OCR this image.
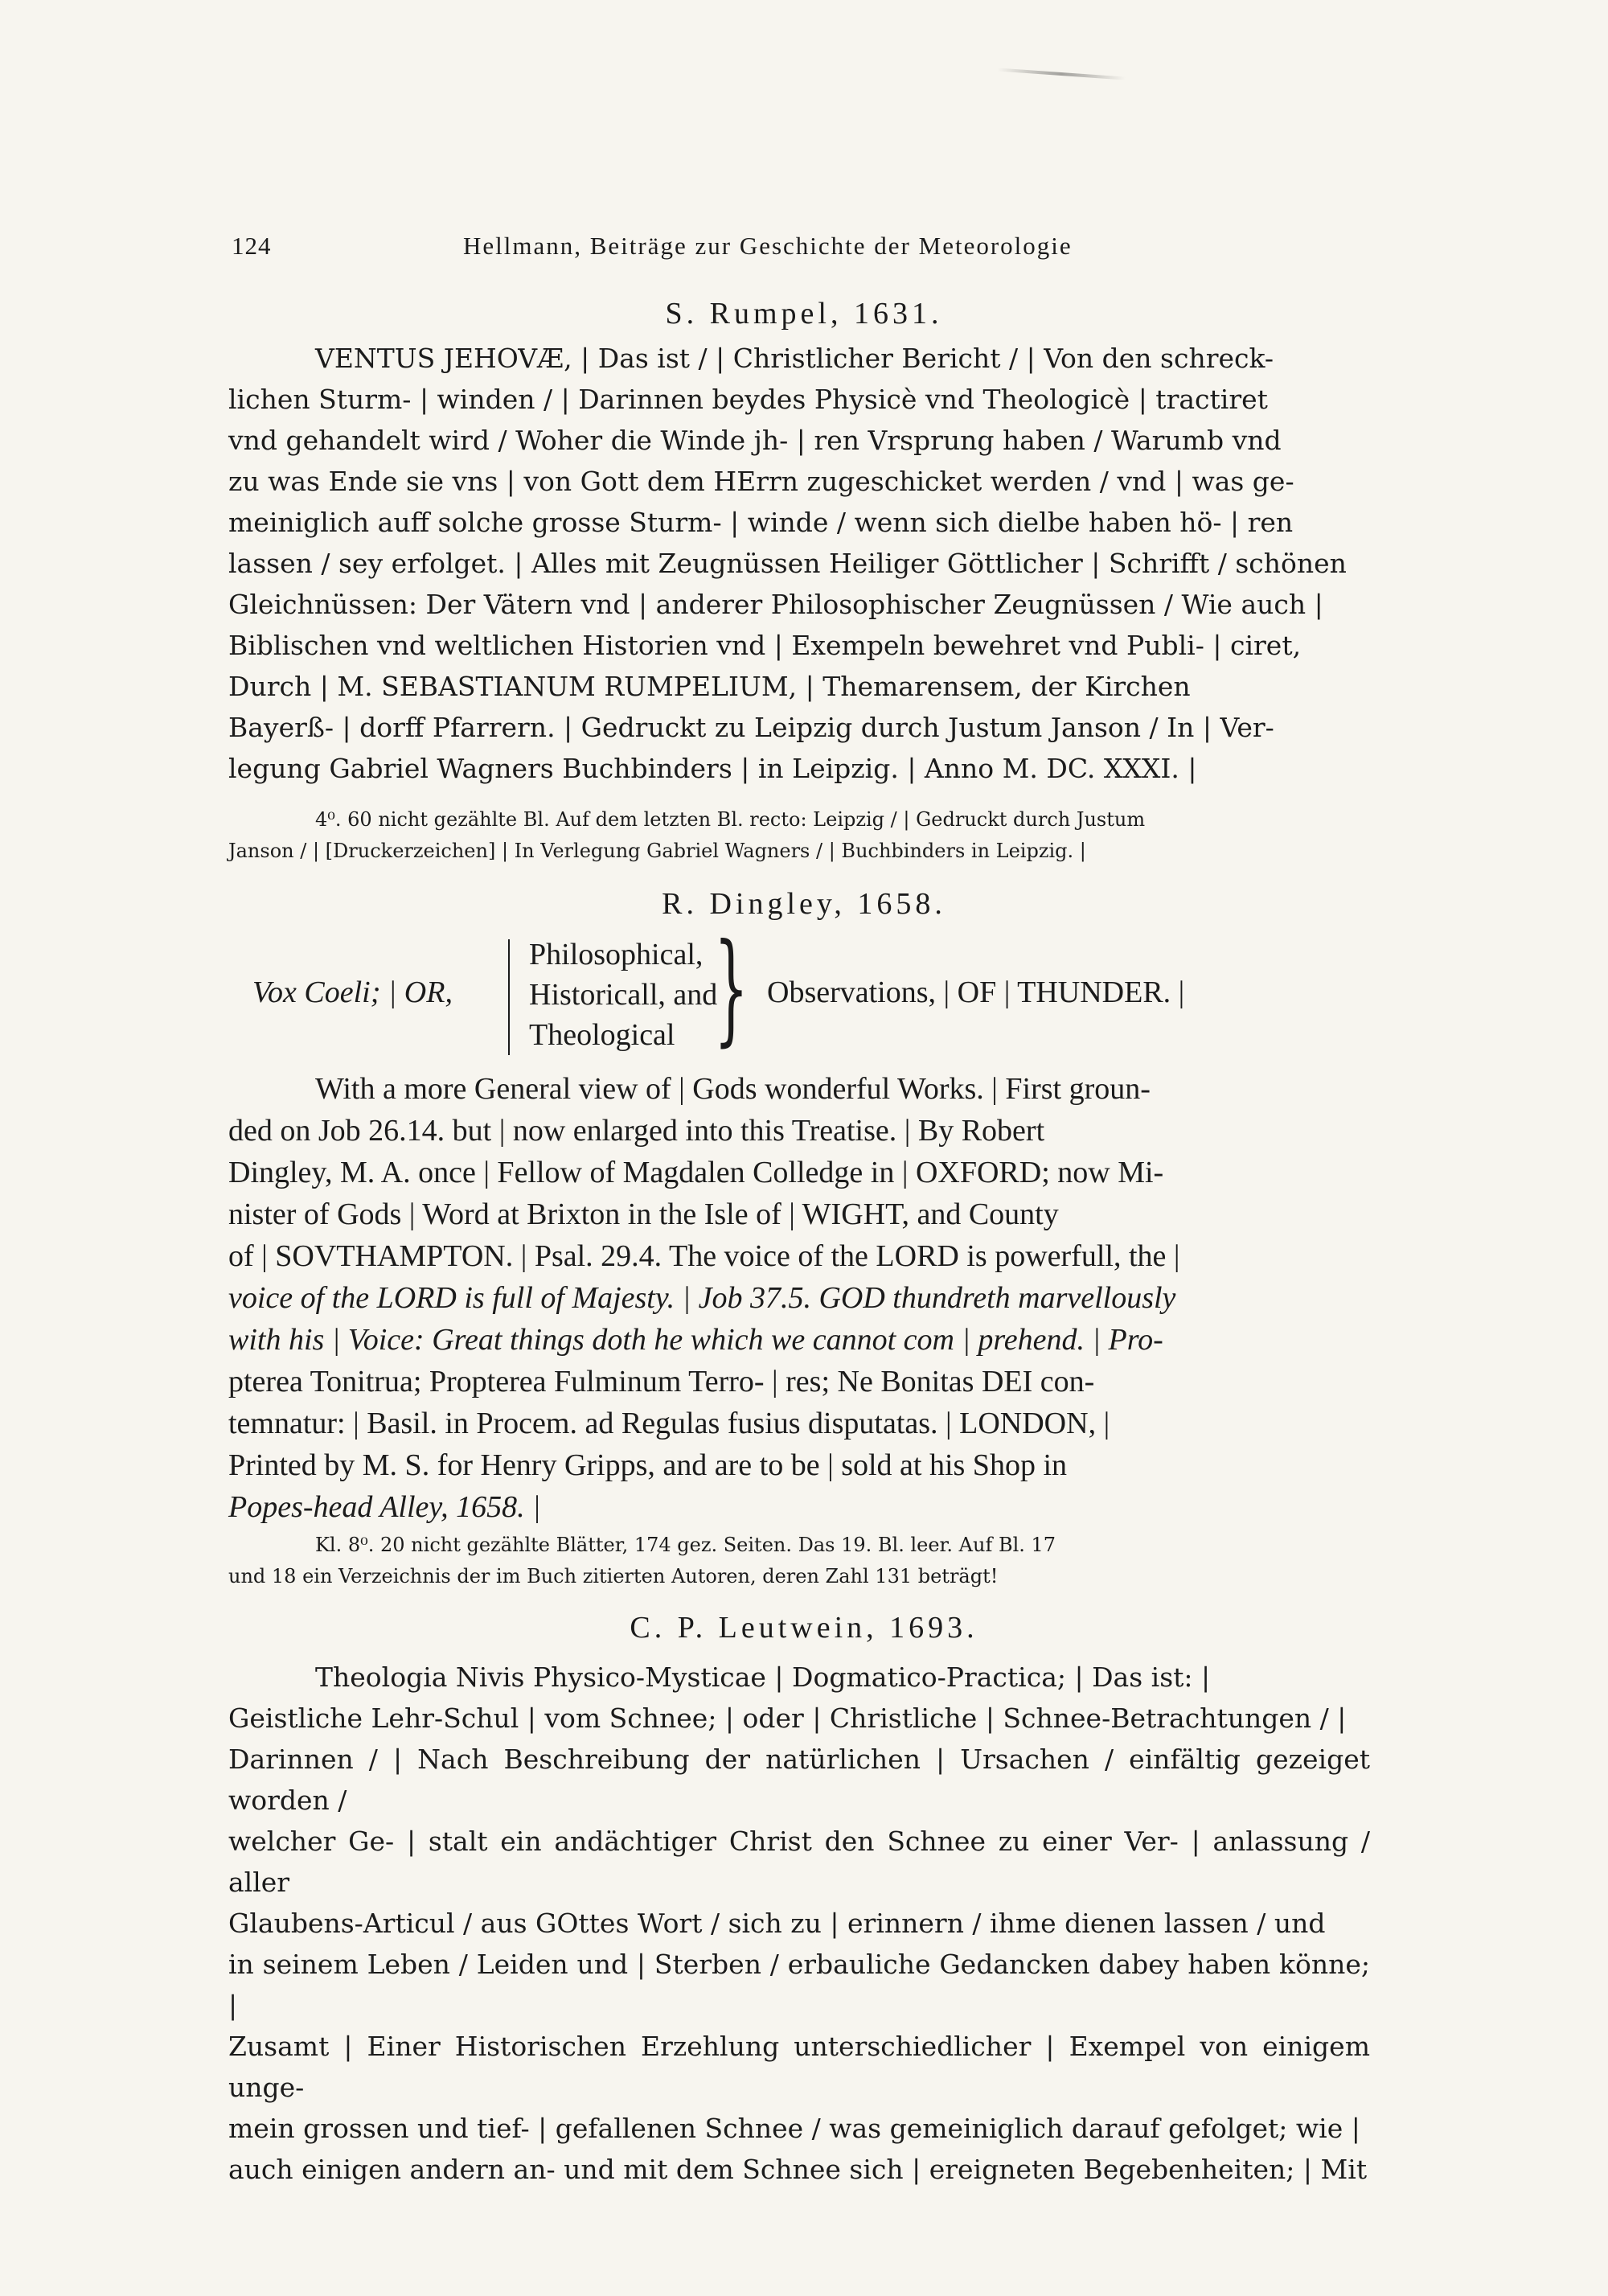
124	Hellmann, Beiträge zur Geschichte der Meteorologie
S. Rumpel, 1631.
VENTUS JEHOVÆ, | Das ist / | Christlicher Bericht / | Von den schreck-
lichen Sturm- | winden / | Darinnen beydes Physicè vnd Theologicè | tractiret
vnd gehandelt wird / Woher die Winde jh- | ren Vrsprung haben / Warumb vnd
zu was Ende sie vns | von Gott dem HErrn zugeschicket werden / vnd | was ge-
meiniglich auff solche grosse Sturm- | winde / wenn sich dielbe haben hö- | ren
lassen / sey erfolget. | Alles mit Zeugnüssen Heiliger Göttlicher | Schrifft / schönen
Gleichnüssen: Der Vätern vnd | anderer Philosophischer Zeugnüssen / Wie auch |
Biblischen vnd weltlichen Historien vnd | Exempeln bewehret vnd Publi- | ciret,
Durch | M. SEBASTIANUM RUMPELIUM, | Themarensem, der Kirchen
Bayerß- | dorff Pfarrern. | Gedruckt zu Leipzig durch Justum Janson / In | Ver-
legung Gabriel Wagners Buchbinders | in Leipzig. | Anno M. DC. XXXI. |
4⁰. 60 nicht gezählte Bl. Auf dem letzten Bl. recto: Leipzig / | Gedruckt durch Justum
Janson / | [Druckerzeichen] | In Verlegung Gabriel Wagners / | Buchbinders in Leipzig. |
R. Dingley, 1658.
Vox Coeli; | OR,
Philosophical,
Historicall, and
Theological } Observations, | OF | THUNDER. |
With a more General view of | Gods wonderful Works. | First groun-
ded on Job 26.14. but | now enlarged into this Treatise. | By Robert
Dingley, M. A. once | Fellow of Magdalen Colledge in | OXFORD; now Mi-
nister of Gods | Word at Brixton in the Isle of | WIGHT, and County
of | SOVTHAMPTON. | Psal. 29.4. The voice of the LORD is powerfull, the |
voice of the LORD is full of Majesty. | Job 37.5. GOD thundreth marvellously
with his | Voice: Great things doth he which we cannot com | prehend. | Pro-
pterea Tonitrua; Propterea Fulminum Terro- | res; Ne Bonitas DEI con-
temnatur: | Basil. in Procem. ad Regulas fusius disputatas. | LONDON, |
Printed by M. S. for Henry Gripps, and are to be | sold at his Shop in
Popes-head Alley, 1658. |
Kl. 8⁰. 20 nicht gezählte Blätter, 174 gez. Seiten. Das 19. Bl. leer. Auf Bl. 17
und 18 ein Verzeichnis der im Buch zitierten Autoren, deren Zahl 131 beträgt!
C. P. Leutwein, 1693.
Theologia Nivis Physico-Mysticae | Dogmatico-Practica; | Das ist: |
Geistliche Lehr-Schul | vom Schnee; | oder | Christliche | Schnee-Betrachtungen / |
Darinnen / | Nach Beschreibung der natürlichen | Ursachen / einfältig gezeiget worden /
welcher Ge- | stalt ein andächtiger Christ den Schnee zu einer Ver- | anlassung / aller
Glaubens-Articul / aus GOttes Wort / sich zu | erinnern / ihme dienen lassen / und
in seinem Leben / Leiden und | Sterben / erbauliche Gedancken dabey haben könne; |
Zusamt | Einer Historischen Erzehlung unterschiedlicher | Exempel von einigem unge-
mein grossen und tief- | gefallenen Schnee / was gemeiniglich darauf gefolget; wie |
auch einigen andern an- und mit dem Schnee sich | ereigneten Begebenheiten; | Mit
